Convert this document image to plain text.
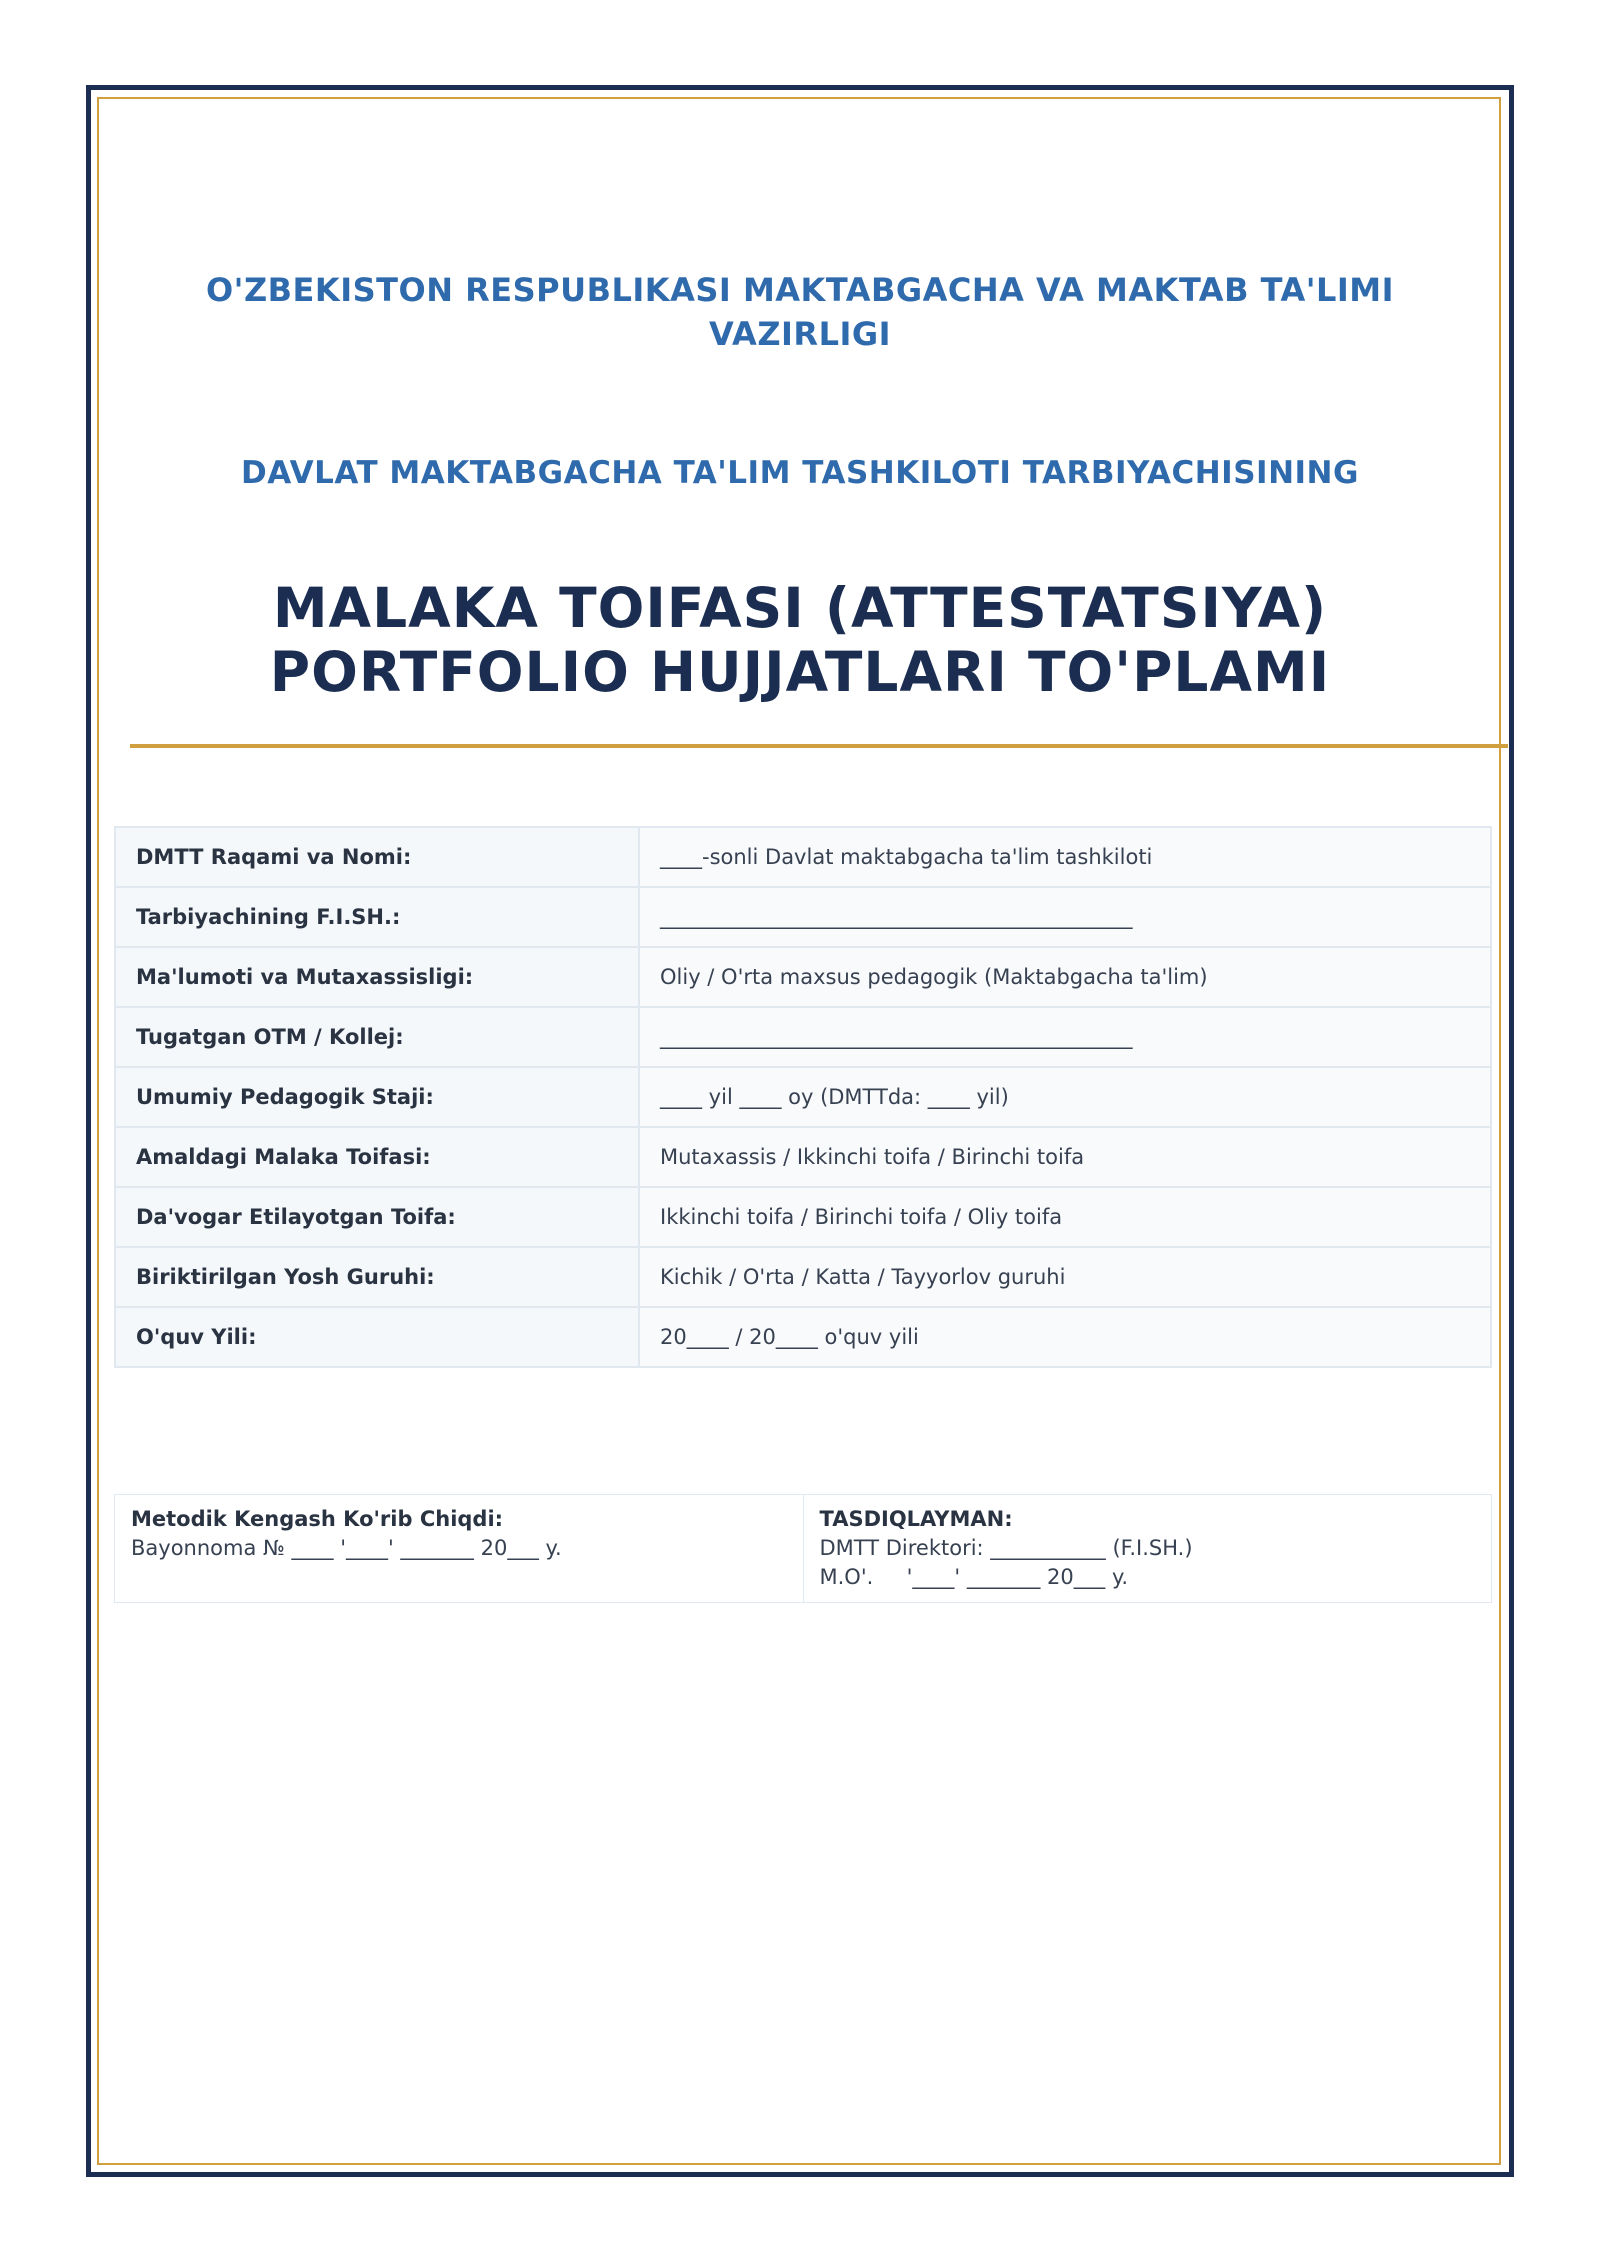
O'ZBEKISTON RESPUBLIKASI MAKTABGACHA VA MAKTAB TA'LIMI
VAZIRLIGI
DAVLAT MAKTABGACHA TA'LIM TASHKILOTI TARBIYACHISINING
MALAKA TOIFASI (ATTESTATSIYA)
PORTFOLIO HUJJATLARI TO'PLAMI
DMTT Raqami va Nomi:	____-sonli Davlat maktabgacha ta'lim tashkiloti
Tarbiyachining F.I.SH.:	_____________________________________________
Ma'lumoti va Mutaxassisligi:	Oliy / O'rta maxsus pedagogik (Maktabgacha ta'lim)
Tugatgan OTM / Kollej:	_____________________________________________
Umumiy Pedagogik Staji:	____ yil ____ oy (DMTTda: ____ yil)
Amaldagi Malaka Toifasi:	Mutaxassis / Ikkinchi toifa / Birinchi toifa
Da'vogar Etilayotgan Toifa:	Ikkinchi toifa / Birinchi toifa / Oliy toifa
Biriktirilgan Yosh Guruhi:	Kichik / O'rta / Katta / Tayyorlov guruhi
O'quv Yili:	20____ / 20____ o'quv yili
Metodik Kengash Ko'rib Chiqdi:
Bayonnoma № ____ '____' _______ 20___ y.

TASDIQLAYMAN:
DMTT Direktori: ___________ (F.I.SH.)
M.O'.     '____' _______ 20___ y.
